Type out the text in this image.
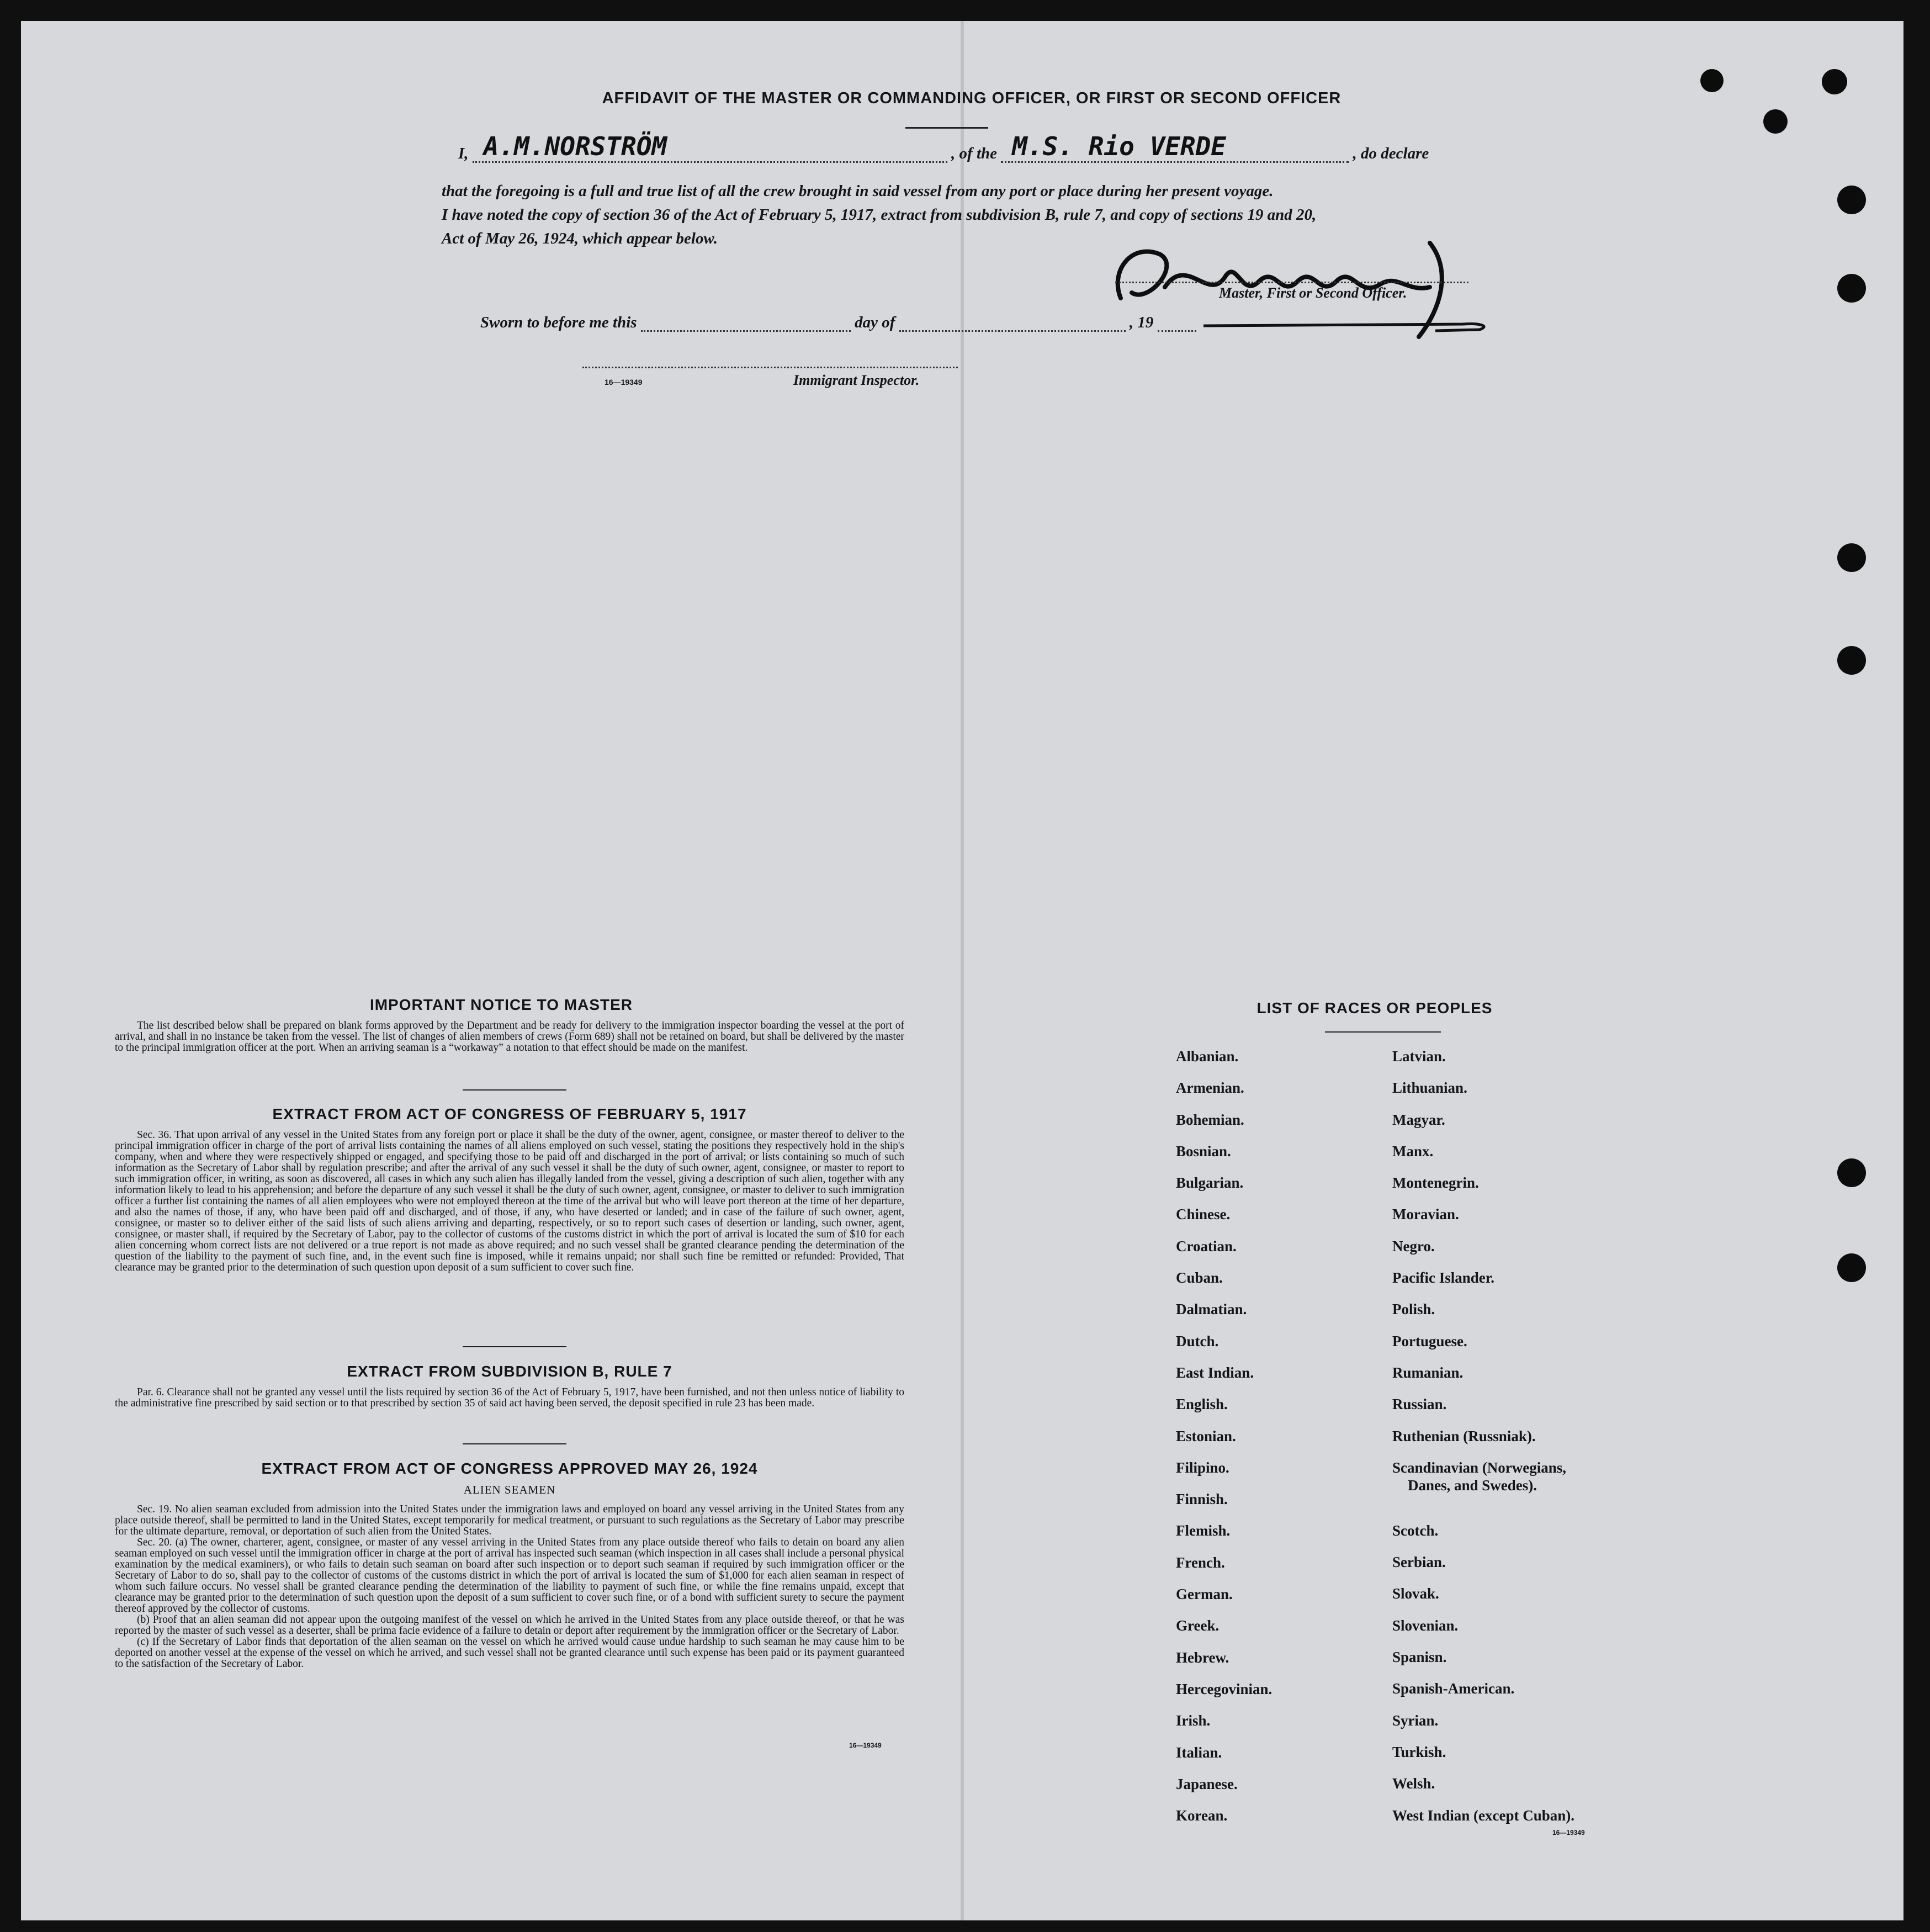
AFFIDAVIT OF THE MASTER OR COMMANDING OFFICER, OR FIRST OR SECOND OFFICER
I, A.M.NORSTRÖM	, of the M.S. Rio VERDE	, do declare
that the foregoing is a full and true list of all the crew brought in said vessel from any port or place during her present voyage.
I have noted the copy of section 36 of the Act of February 5, 1917, extract from subdivision B, rule 7, and copy of sections 19 and 20,
Act of May 26, 1924, which appear below.
Master, First or Second Officer.
Sworn to before me this	day of	, 19
16—19349	Immigrant Inspector.
IMPORTANT NOTICE TO MASTER

The list described below shall be prepared on blank forms approved by the Department and be ready for delivery to the immigration inspector boarding the vessel at the port of arrival, and shall in no instance be taken from the vessel. The list of changes of alien members of crews (Form 689) shall not be retained on board, but shall be delivered by the master to the principal immigration officer at the port. When an arriving seaman is a “workaway” a notation to that effect should be made on the manifest.

EXTRACT FROM ACT OF CONGRESS OF FEBRUARY 5, 1917

Sec. 36. That upon arrival of any vessel in the United States from any foreign port or place it shall be the duty of the owner, agent, consignee, or master thereof to deliver to the principal immigration officer in charge of the port of arrival lists containing the names of all aliens employed on such vessel, stating the positions they respectively hold in the ship's company, when and where they were respectively shipped or engaged, and specifying those to be paid off and discharged in the port of arrival; or lists containing so much of such information as the Secretary of Labor shall by regulation prescribe; and after the arrival of any such vessel it shall be the duty of such owner, agent, consignee, or master to report to such immigration officer, in writing, as soon as discovered, all cases in which any such alien has illegally landed from the vessel, giving a description of such alien, together with any information likely to lead to his apprehension; and before the departure of any such vessel it shall be the duty of such owner, agent, consignee, or master to deliver to such immigration officer a further list containing the names of all alien employees who were not employed thereon at the time of the arrival but who will leave port thereon at the time of her departure, and also the names of those, if any, who have been paid off and discharged, and of those, if any, who have deserted or landed; and in case of the failure of such owner, agent, consignee, or master so to deliver either of the said lists of such aliens arriving and departing, respectively, or so to report such cases of desertion or landing, such owner, agent, consignee, or master shall, if required by the Secretary of Labor, pay to the collector of customs of the customs district in which the port of arrival is located the sum of $10 for each alien concerning whom correct lists are not delivered or a true report is not made as above required; and no such vessel shall be granted clearance pending the determination of the question of the liability to the payment of such fine, and, in the event such fine is imposed, while it remains unpaid; nor shall such fine be remitted or refunded: Provided, That clearance may be granted prior to the determination of such question upon deposit of a sum sufficient to cover such fine.

EXTRACT FROM SUBDIVISION B, RULE 7

Par. 6. Clearance shall not be granted any vessel until the lists required by section 36 of the Act of February 5, 1917, have been furnished, and not then unless notice of liability to the administrative fine prescribed by said section or to that prescribed by section 35 of said act having been served, the deposit specified in rule 23 has been made.

EXTRACT FROM ACT OF CONGRESS APPROVED MAY 26, 1924
ALIEN SEAMEN

Sec. 19. No alien seaman excluded from admission into the United States under the immigration laws and employed on board any vessel arriving in the United States from any place outside thereof, shall be permitted to land in the United States, except temporarily for medical treatment, or pursuant to such regulations as the Secretary of Labor may prescribe for the ultimate departure, removal, or deportation of such alien from the United States.

Sec. 20. (a) The owner, charterer, agent, consignee, or master of any vessel arriving in the United States from any place outside thereof who fails to detain on board any alien seaman employed on such vessel until the immigration officer in charge at the port of arrival has inspected such seaman (which inspection in all cases shall include a personal physical examination by the medical examiners), or who fails to detain such seaman on board after such inspection or to deport such seaman if required by such immigration officer or the Secretary of Labor to do so, shall pay to the collector of customs of the customs district in which the port of arrival is located the sum of $1,000 for each alien seaman in respect of whom such failure occurs. No vessel shall be granted clearance pending the determination of the liability to payment of such fine, or while the fine remains unpaid, except that clearance may be granted prior to the determination of such question upon the deposit of a sum sufficient to cover such fine, or of a bond with sufficient surety to secure the payment thereof approved by the collector of customs.

(b) Proof that an alien seaman did not appear upon the outgoing manifest of the vessel on which he arrived in the United States from any place outside thereof, or that he was reported by the master of such vessel as a deserter, shall be prima facie evidence of a failure to detain or deport after requirement by the immigration officer or the Secretary of Labor.

(c) If the Secretary of Labor finds that deportation of the alien seaman on the vessel on which he arrived would cause undue hardship to such seaman he may cause him to be deported on another vessel at the expense of the vessel on which he arrived, and such vessel shall not be granted clearance until such expense has been paid or its payment guaranteed to the satisfaction of the Secretary of Labor.

16—19349
LIST OF RACES OR PEOPLES
Albanian.
Armenian.
Bohemian.
Bosnian.
Bulgarian.
Chinese.
Croatian.
Cuban.
Dalmatian.
Dutch.
East Indian.
English.
Estonian.
Filipino.
Finnish.
Flemish.
French.
German.
Greek.
Hebrew.
Hercegovinian.
Irish.
Italian.
Japanese.
Korean.
Latvian.
Lithuanian.
Magyar.
Manx.
Montenegrin.
Moravian.
Negro.
Pacific Islander.
Polish.
Portuguese.
Rumanian.
Russian.
Ruthenian (Russniak).
Scandinavian (Norwegians,
Danes, and Swedes).
Scotch.
Serbian.
Slovak.
Slovenian.
Spanisn.
Spanish-American.
Syrian.
Turkish.
Welsh.
West Indian (except Cuban).
16—19349
